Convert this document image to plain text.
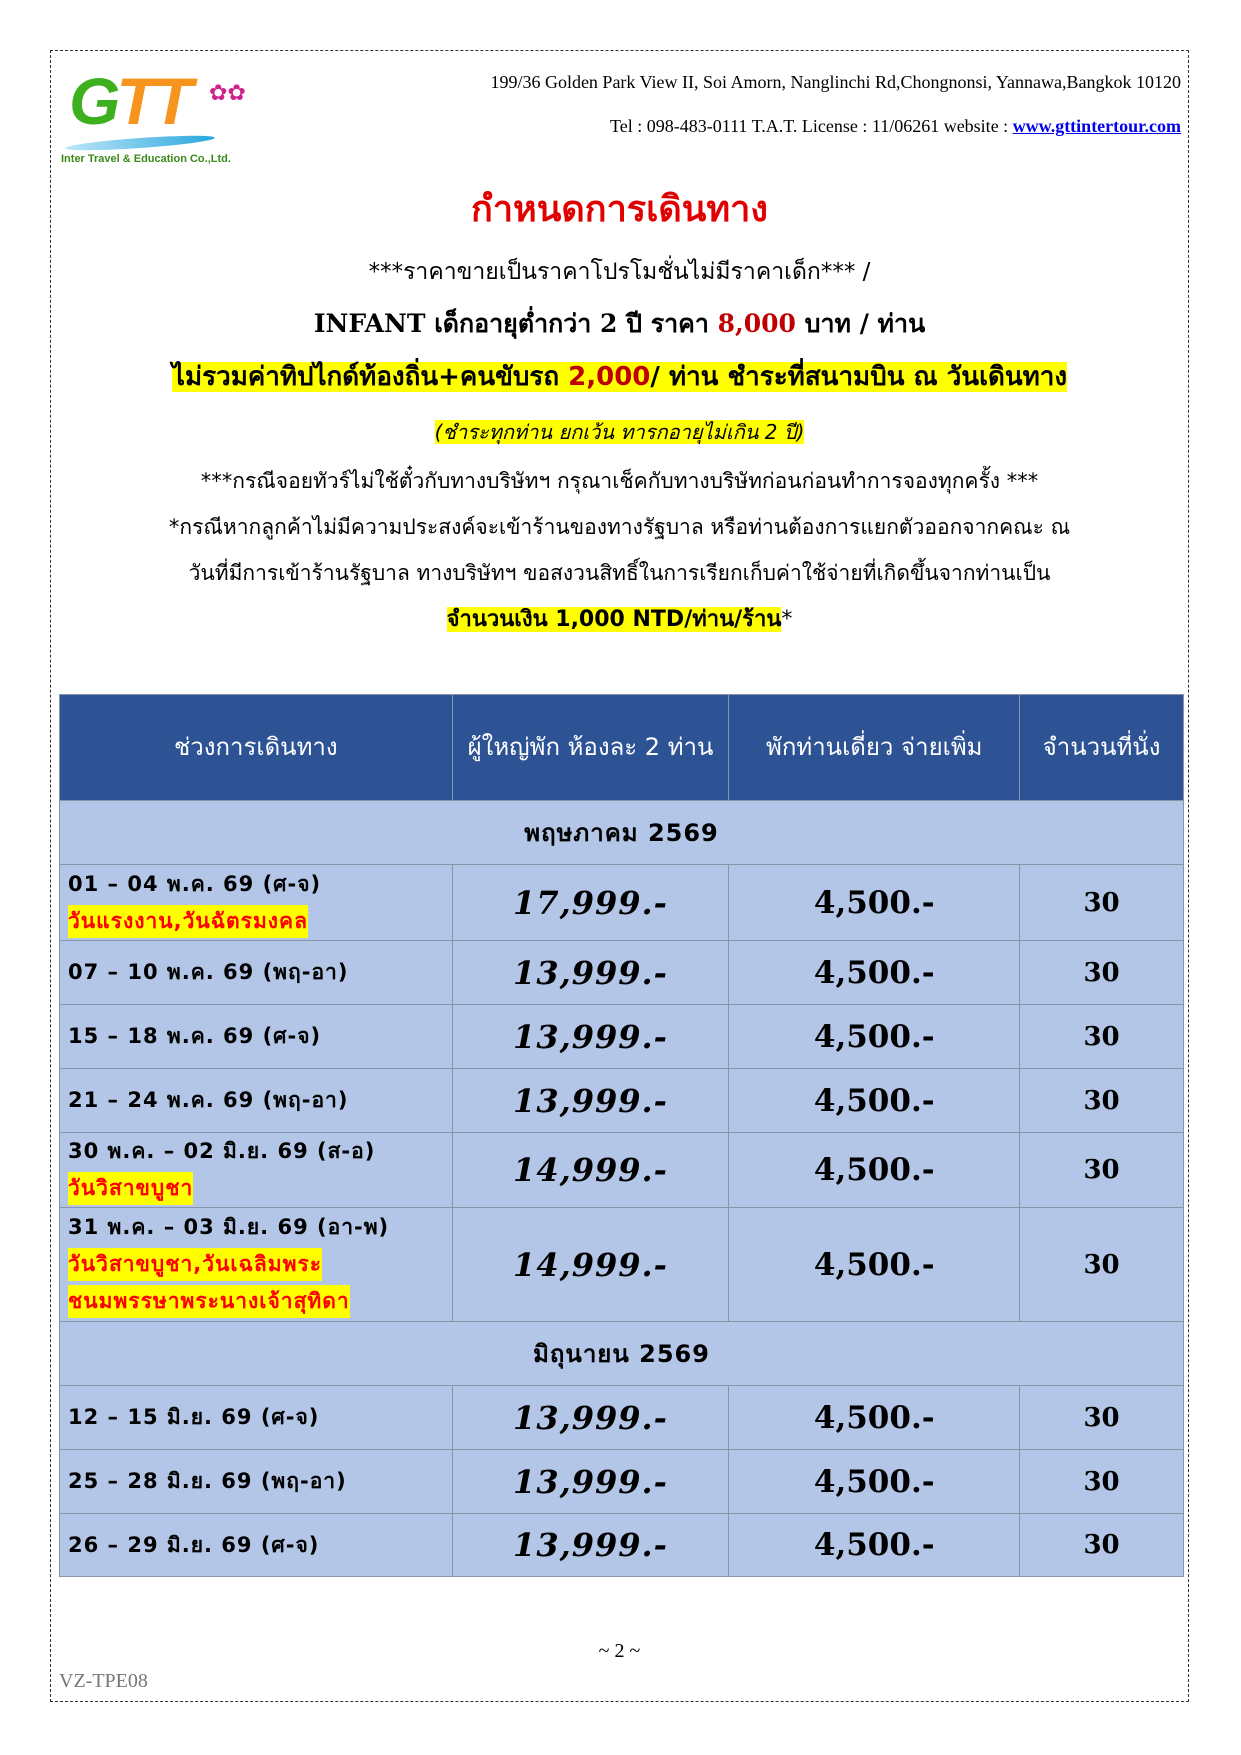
GTT ✿✿
Inter Travel & Education Co.,Ltd.
199/36 Golden Park View II, Soi Amorn, Nanglinchi Rd,Chongnonsi, Yannawa,Bangkok 10120
Tel : 098-483-0111 T.A.T. License : 11/06261 website : www.gttintertour.com
กำหนดการเดินทาง
***ราคาขายเป็นราคาโปรโมชั่นไม่มีราคาเด็ก*** /
INFANT เด็กอายุต่ำกว่า 2 ปี ราคา 8,000 บาท / ท่าน
ไม่รวมค่าทิปไกด์ท้องถิ่น+คนขับรถ 2,000/ ท่าน ชำระที่สนามบิน ณ วันเดินทาง
(ชำระทุกท่าน ยกเว้น ทารกอายุไม่เกิน 2 ปี)
***กรณีจอยทัวร์ไม่ใช้ตั๋วกับทางบริษัทฯ กรุณาเช็คกับทางบริษัทก่อนก่อนทำการจองทุกครั้ง ***
*กรณีหากลูกค้าไม่มีความประสงค์จะเข้าร้านของทางรัฐบาล หรือท่านต้องการแยกตัวออกจากคณะ ณ
วันที่มีการเข้าร้านรัฐบาล ทางบริษัทฯ ขอสงวนสิทธิ์ในการเรียกเก็บค่าใช้จ่ายที่เกิดขึ้นจากท่านเป็น
จำนวนเงิน 1,000 NTD/ท่าน/ร้าน*
ช่วงการเดินทาง	ผู้ใหญ่พัก ห้องละ 2 ท่าน	พักท่านเดี่ยว จ่ายเพิ่ม	จำนวนที่นั่ง
พฤษภาคม 2569			

01 – 04 พ.ค. 69 (ศ-จ)
วันแรงงาน,วันฉัตรมงคล	17,999.-	4,500.-	30

07 – 10 พ.ค. 69 (พฤ-อา)	13,999.-	4,500.-	30

15 – 18 พ.ค. 69 (ศ-จ)	13,999.-	4,500.-	30

21 – 24 พ.ค. 69 (พฤ-อา)	13,999.-	4,500.-	30

30 พ.ค. – 02 มิ.ย. 69 (ส-อ)
วันวิสาขบูชา	14,999.-	4,500.-	30

31 พ.ค. – 03 มิ.ย. 69 (อา-พ)
วันวิสาขบูชา,วันเฉลิมพระ
ชนมพรรษาพระนางเจ้าสุทิดา	14,999.-	4,500.-	30
มิถุนายน 2569			

12 – 15 มิ.ย. 69 (ศ-จ)	13,999.-	4,500.-	30

25 – 28 มิ.ย. 69 (พฤ-อา)	13,999.-	4,500.-	30

26 – 29 มิ.ย. 69 (ศ-จ)	13,999.-	4,500.-	30
~ 2 ~
VZ-TPE08
